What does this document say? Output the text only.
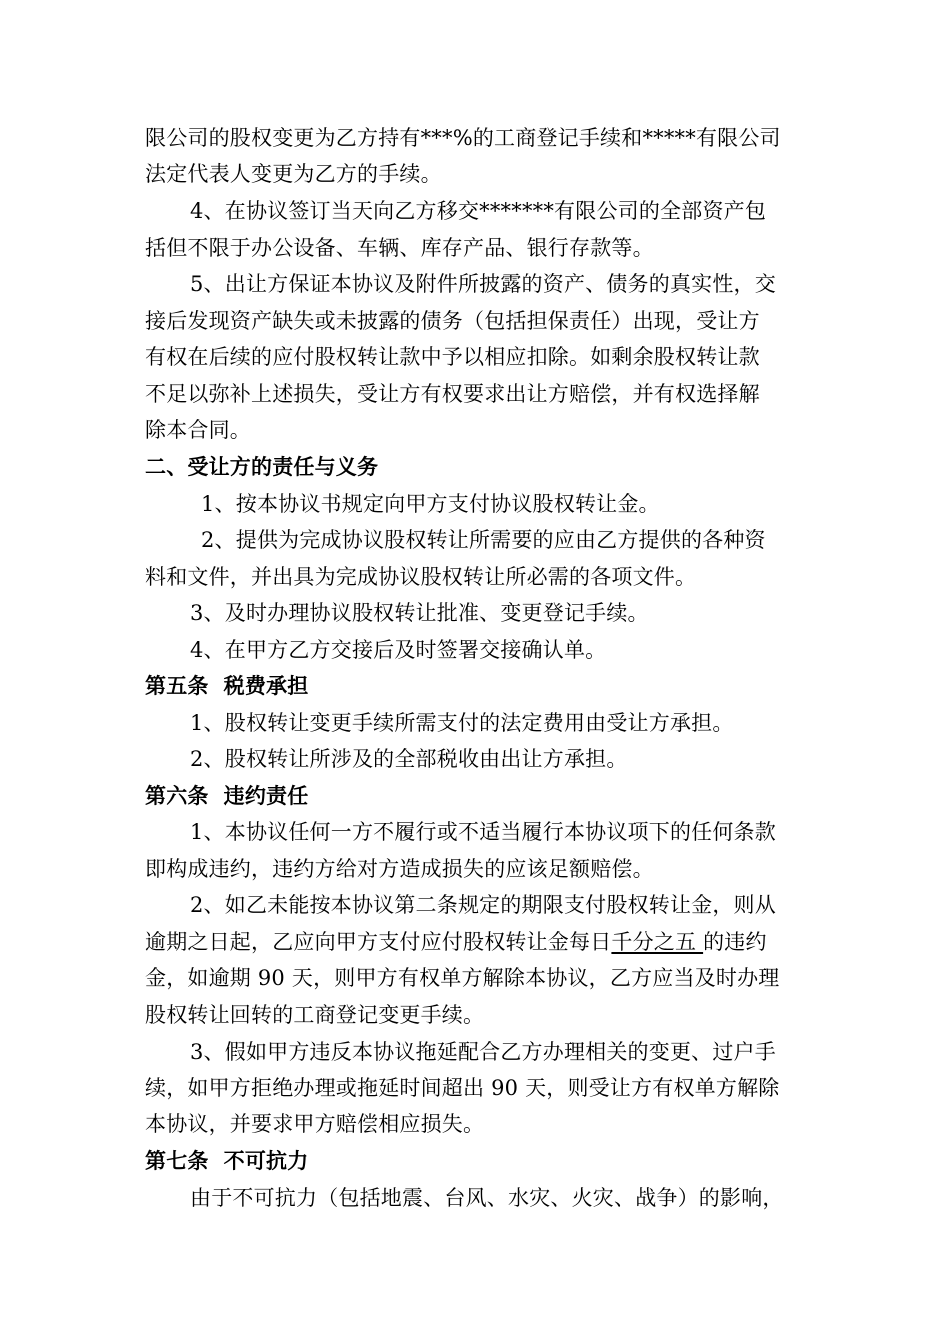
限公司的股权变更为乙方持有***%的工商登记手续和*****有限公司
法定代表人变更为乙方的手续。
4、在协议签订当天向乙方移交*******有限公司的全部资产包
括但不限于办公设备、车辆、库存产品、银行存款等。
5、出让方保证本协议及附件所披露的资产、债务的真实性，交
接后发现资产缺失或未披露的债务（包括担保责任）出现，受让方
有权在后续的应付股权转让款中予以相应扣除。如剩余股权转让款
不足以弥补上述损失，受让方有权要求出让方赔偿，并有权选择解
除本合同。
二、受让方的责任与义务
1、按本协议书规定向甲方支付协议股权转让金。
2、提供为完成协议股权转让所需要的应由乙方提供的各种资
料和文件，并出具为完成协议股权转让所必需的各项文件。
3、及时办理协议股权转让批准、变更登记手续。
4、在甲方乙方交接后及时签署交接确认单。
第五条  税费承担
1、股权转让变更手续所需支付的法定费用由受让方承担。
2、股权转让所涉及的全部税收由出让方承担。
第六条  违约责任
1、本协议任何一方不履行或不适当履行本协议项下的任何条款
即构成违约，违约方给对方造成损失的应该足额赔偿。
2、如乙未能按本协议第二条规定的期限支付股权转让金，则从
逾期之日起，乙应向甲方支付应付股权转让金每日千分之五 的违约
金，如逾期 90 天，则甲方有权单方解除本协议，乙方应当及时办理
股权转让回转的工商登记变更手续。
3、假如甲方违反本协议拖延配合乙方办理相关的变更、过户手
续，如甲方拒绝办理或拖延时间超出 90 天，则受让方有权单方解除
本协议，并要求甲方赔偿相应损失。
第七条  不可抗力
由于不可抗力（包括地震、台风、水灾、火灾、战争）的影响，
